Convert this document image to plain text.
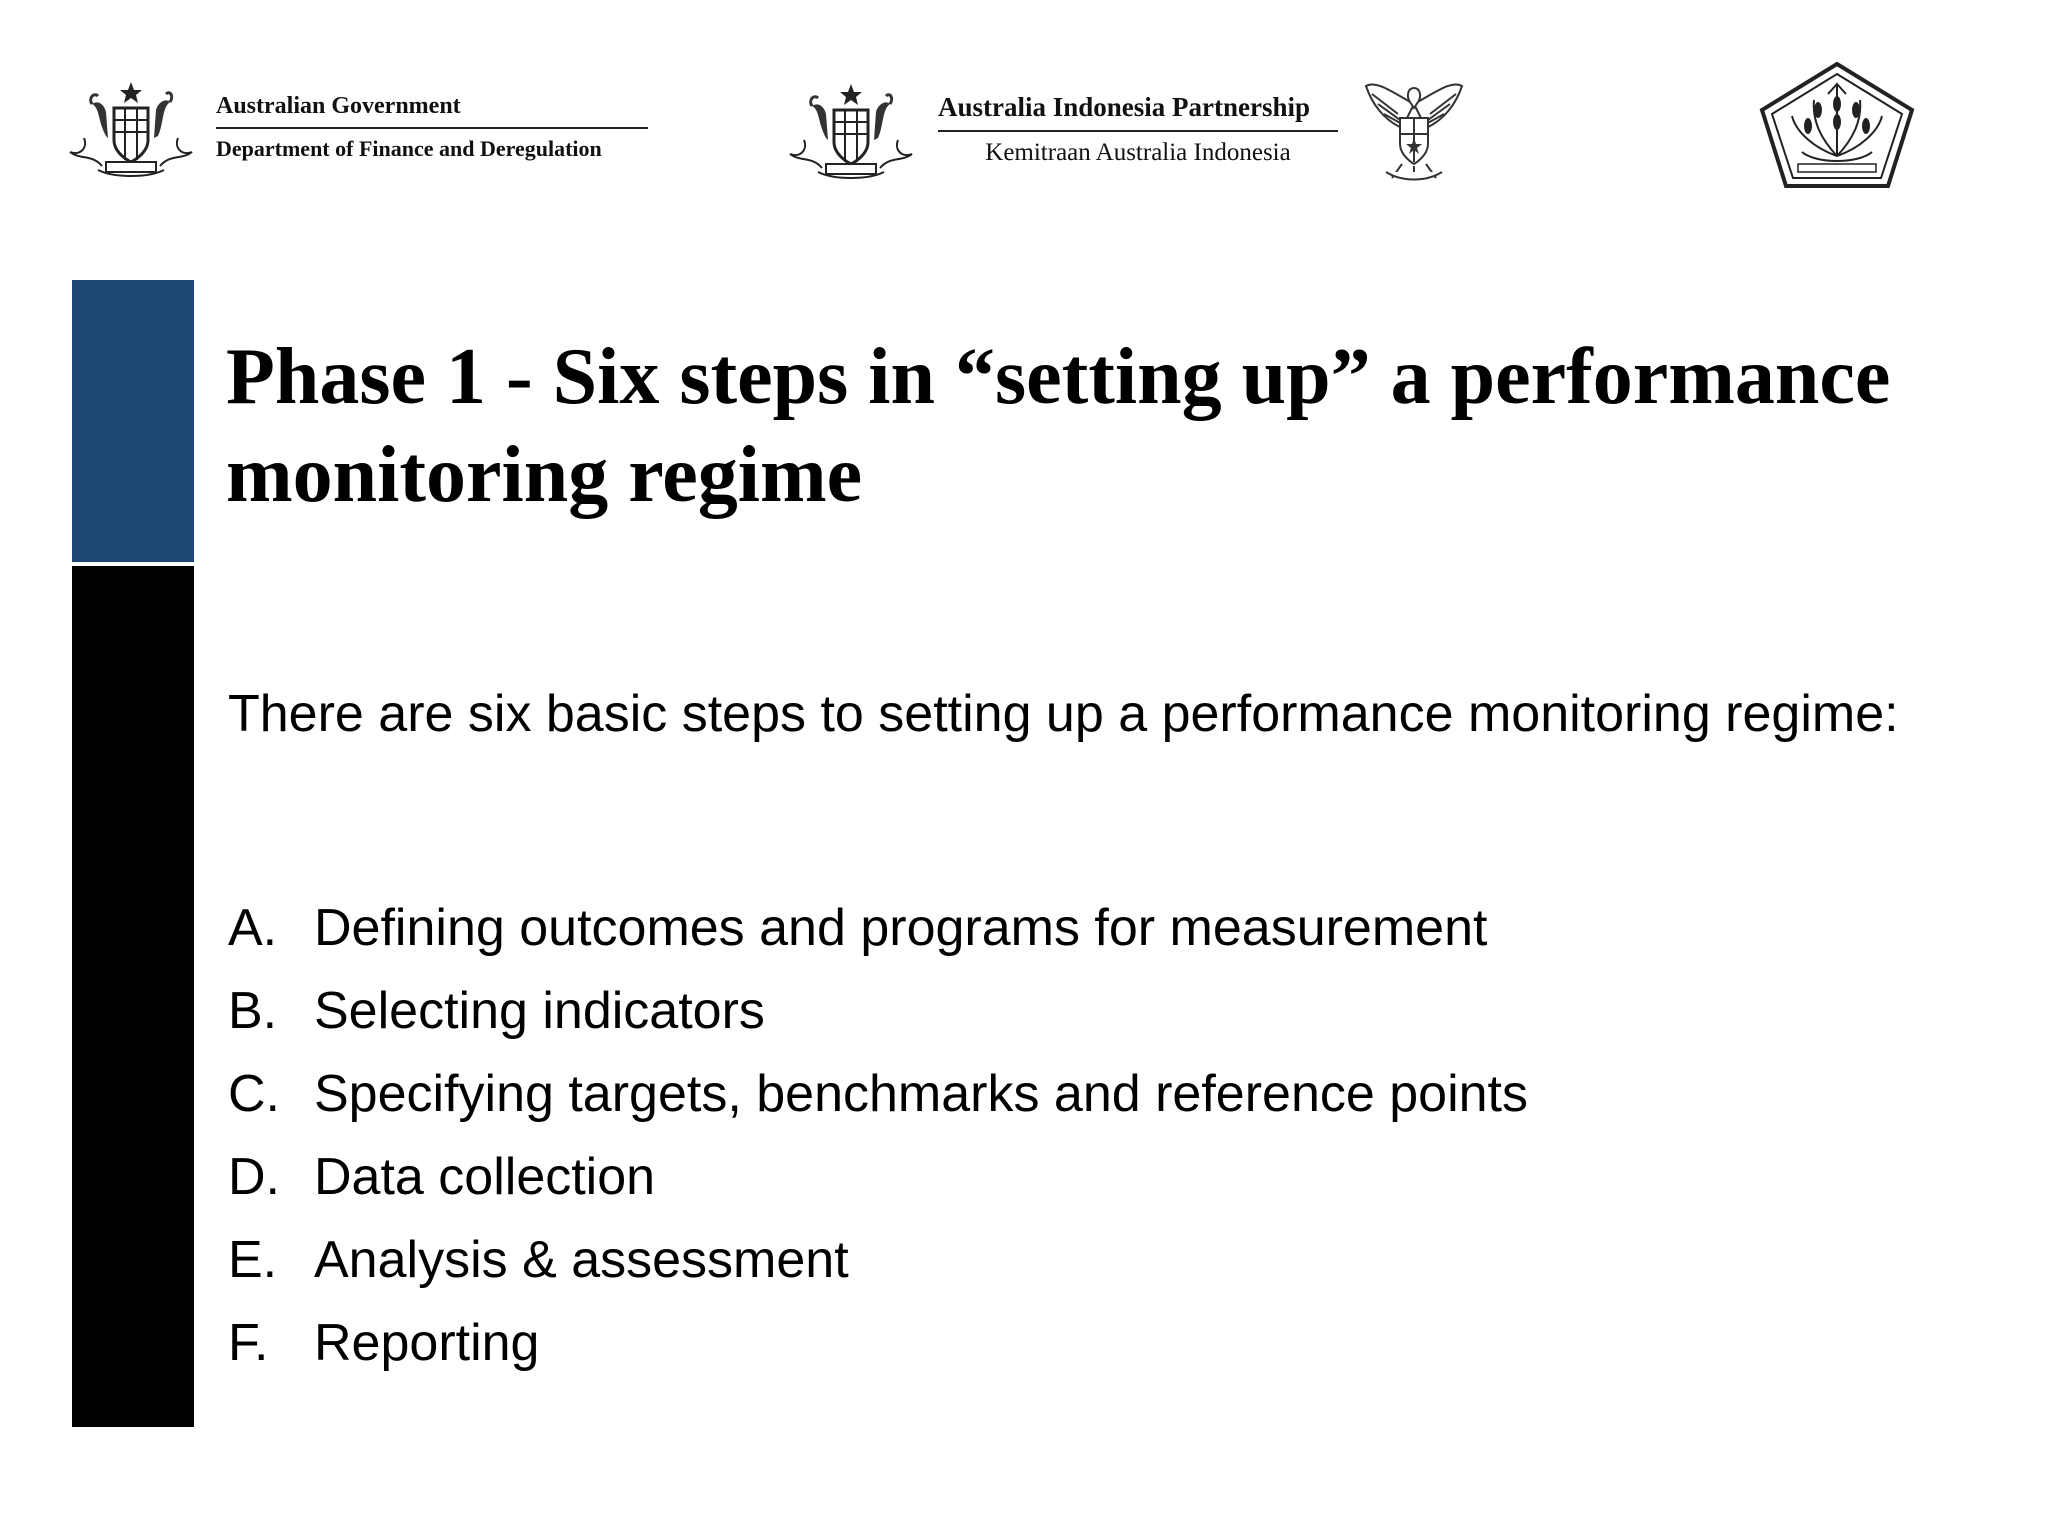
Australian Government
Department of Finance and Deregulation
Australia Indonesia Partnership
Kemitraan Australia Indonesia
Phase 1 - Six steps in “setting up” a performance monitoring regime

There are six basic steps to setting up a performance monitoring regime:

A. Defining outcomes and programs for measurement
B. Selecting indicators
C. Specifying targets, benchmarks and reference points
D. Data collection
E. Analysis & assessment
F. Reporting
